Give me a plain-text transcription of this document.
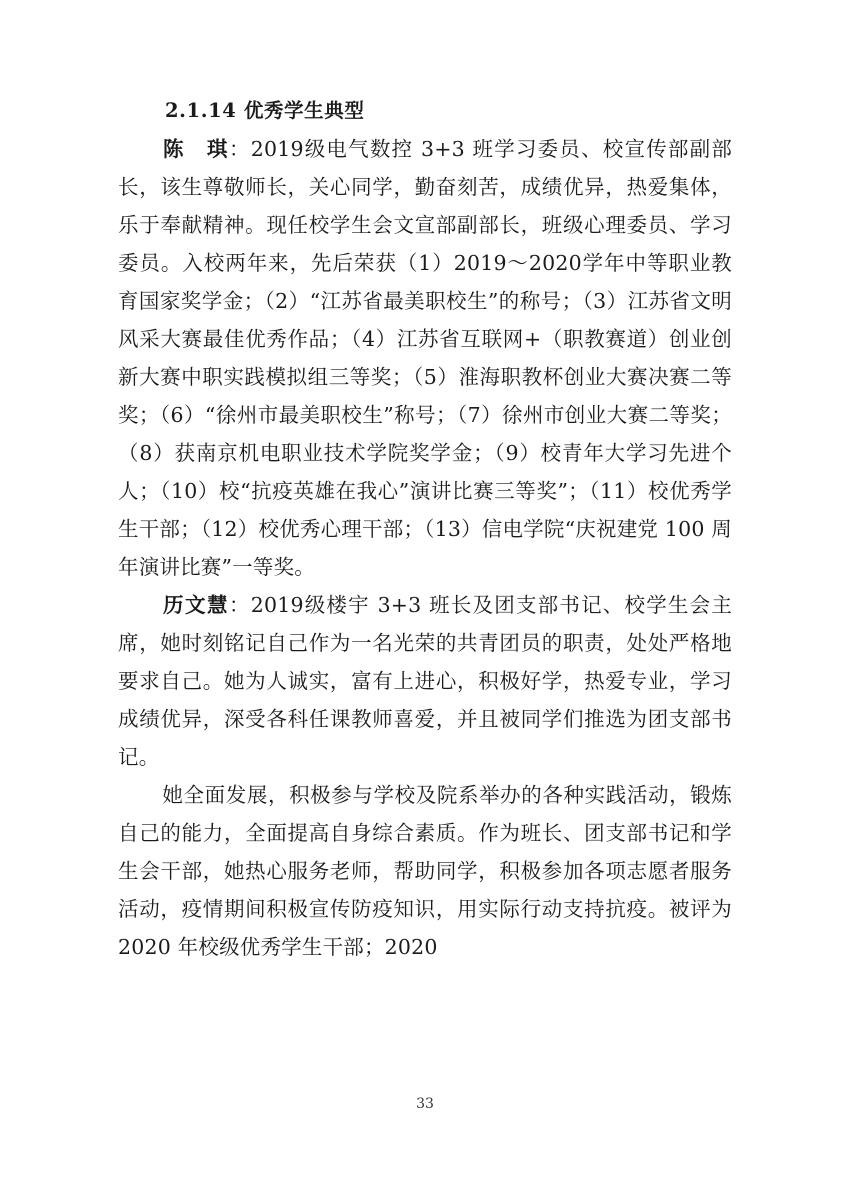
2.1.14 优秀学生典型

陈　琪：2019级电气数控 3+3 班学习委员、校宣传部副部长，该生尊敬师长，关心同学，勤奋刻苦，成绩优异，热爱集体，乐于奉献精神。现任校学生会文宣部副部长，班级心理委员、学习委员。入校两年来，先后荣获（1）2019～2020学年中等职业教育国家奖学金；（2）“江苏省最美职校生”的称号；（3）江苏省文明风采大赛最佳优秀作品；（4）江苏省互联网+（职教赛道）创业创新大赛中职实践模拟组三等奖；（5）淮海职教杯创业大赛决赛二等奖；（6）“徐州市最美职校生”称号；（7）徐州市创业大赛二等奖；（8）获南京机电职业技术学院奖学金；（9）校青年大学习先进个人；（10）校“抗疫英雄在我心”演讲比赛三等奖”；（11）校优秀学生干部；（12）校优秀心理干部；（13）信电学院“庆祝建党 100 周年演讲比赛”一等奖。

历文慧：2019级楼宇 3+3 班长及团支部书记、校学生会主席，她时刻铭记自己作为一名光荣的共青团员的职责，处处严格地要求自己。她为人诚实，富有上进心，积极好学，热爱专业，学习成绩优异，深受各科任课教师喜爱，并且被同学们推选为团支部书记。

她全面发展，积极参与学校及院系举办的各种实践活动，锻炼自己的能力，全面提高自身综合素质。作为班长、团支部书记和学生会干部，她热心服务老师，帮助同学，积极参加各项志愿者服务活动，疫情期间积极宣传防疫知识，用实际行动支持抗疫。被评为 2020 年校级优秀学生干部；2020

33
